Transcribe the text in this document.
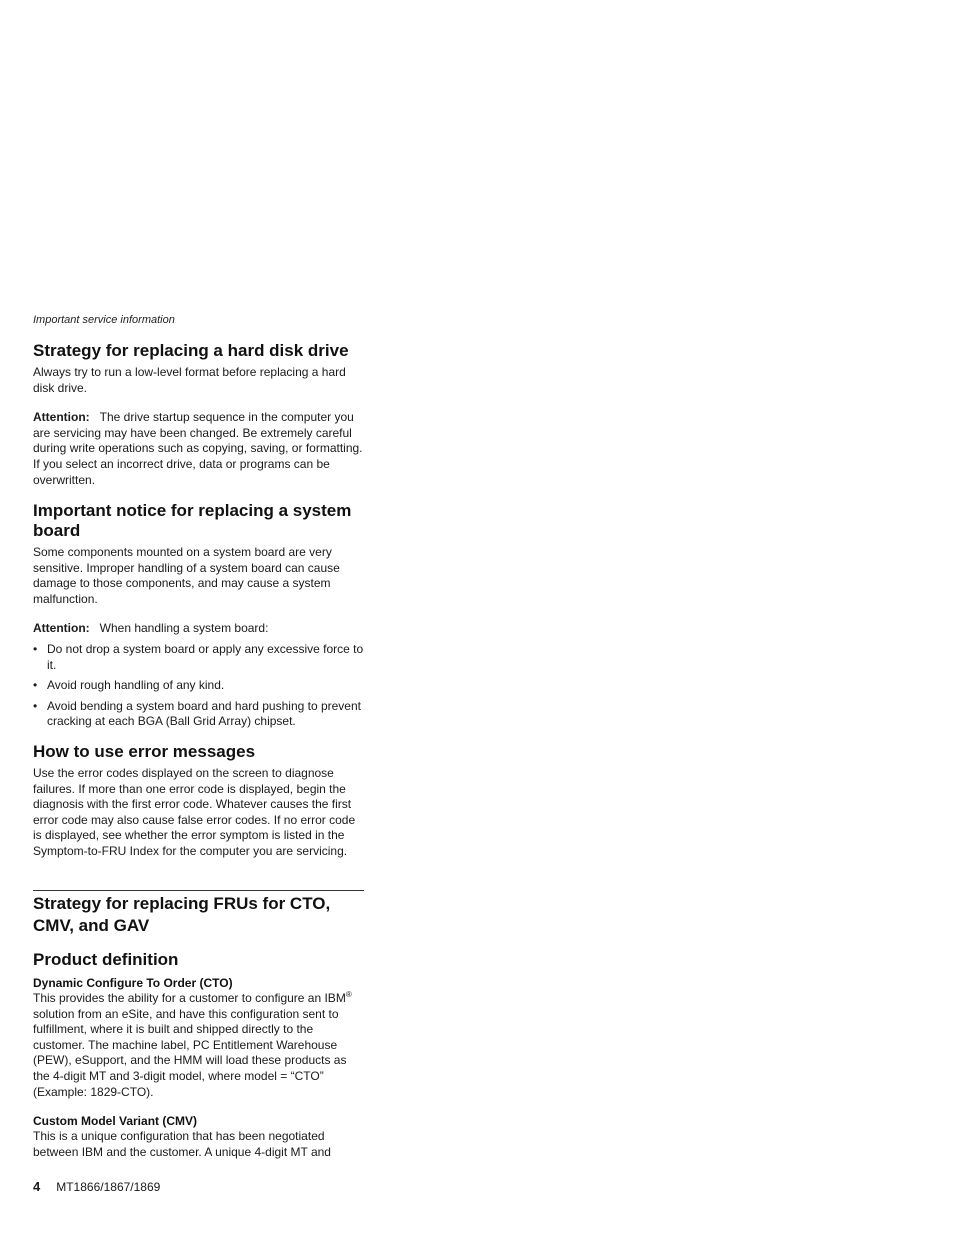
Important service information
Strategy for replacing a hard disk drive

Always try to run a low-level format before replacing a hard disk drive.

Attention: The drive startup sequence in the computer you are servicing may have been changed. Be extremely careful during write operations such as copying, saving, or formatting. If you select an incorrect drive, data or programs can be overwritten.

Important notice for replacing a system board

Some components mounted on a system board are very sensitive. Improper handling of a system board can cause damage to those components, and may cause a system malfunction.

Attention: When handling a system board:

• Do not drop a system board or apply any excessive force to it.
• Avoid rough handling of any kind.
• Avoid bending a system board and hard pushing to prevent cracking at each BGA (Ball Grid Array) chipset.
How to use error messages

Use the error codes displayed on the screen to diagnose failures. If more than one error code is displayed, begin the diagnosis with the first error code. Whatever causes the first error code may also cause false error codes. If no error code is displayed, see whether the error symptom is listed in the Symptom-to-FRU Index for the computer you are servicing.

Strategy for replacing FRUs for CTO, CMV, and GAV
Product definition
Dynamic Configure To Order (CTO)

This provides the ability for a customer to configure an IBM® solution from an eSite, and have this configuration sent to fulfillment, where it is built and shipped directly to the customer. The machine label, PC Entitlement Warehouse (PEW), eSupport, and the HMM will load these products as the 4-digit MT and 3-digit model, where model = “CTO” (Example: 1829-CTO).

Custom Model Variant (CMV)

This is a unique configuration that has been negotiated between IBM and the customer. A unique 4-digit MT and

4 MT1866/1867/1869
